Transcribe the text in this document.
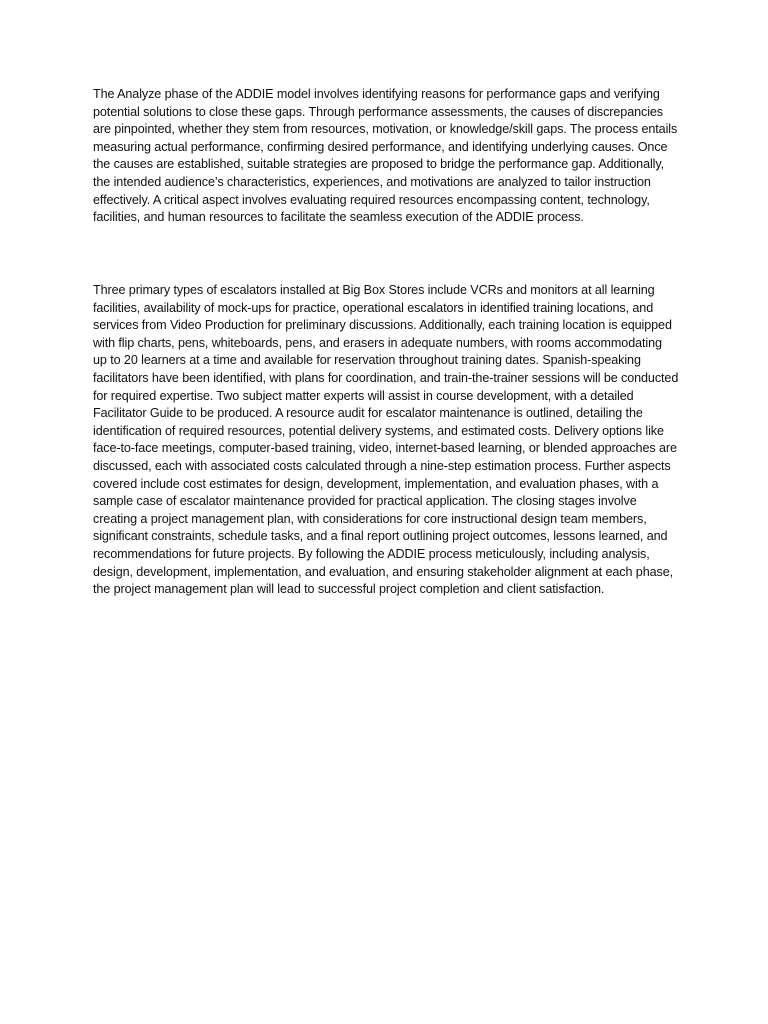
The Analyze phase of the ADDIE model involves identifying reasons for performance gaps and verifying potential solutions to close these gaps. Through performance assessments, the causes of discrepancies are pinpointed, whether they stem from resources, motivation, or knowledge/skill gaps. The process entails measuring actual performance, confirming desired performance, and identifying underlying causes. Once the causes are established, suitable strategies are proposed to bridge the performance gap. Additionally, the intended audience’s characteristics, experiences, and motivations are analyzed to tailor instruction effectively. A critical aspect involves evaluating required resources encompassing content, technology, facilities, and human resources to facilitate the seamless execution of the ADDIE process.

Three primary types of escalators installed at Big Box Stores include VCRs and monitors at all learning facilities, availability of mock-ups for practice, operational escalators in identified training locations, and services from Video Production for preliminary discussions. Additionally, each training location is equipped with flip charts, pens, whiteboards, pens, and erasers in adequate numbers, with rooms accommodating up to 20 learners at a time and available for reservation throughout training dates. Spanish-speaking facilitators have been identified, with plans for coordination, and train-the-trainer sessions will be conducted for required expertise. Two subject matter experts will assist in course development, with a detailed Facilitator Guide to be produced. A resource audit for escalator maintenance is outlined, detailing the identification of required resources, potential delivery systems, and estimated costs. Delivery options like face-to-face meetings, computer-based training, video, internet-based learning, or blended approaches are discussed, each with associated costs calculated through a nine-step estimation process. Further aspects covered include cost estimates for design, development, implementation, and evaluation phases, with a sample case of escalator maintenance provided for practical application. The closing stages involve creating a project management plan, with considerations for core instructional design team members, significant constraints, schedule tasks, and a final report outlining project outcomes, lessons learned, and recommendations for future projects. By following the ADDIE process meticulously, including analysis, design, development, implementation, and evaluation, and ensuring stakeholder alignment at each phase, the project management plan will lead to successful project completion and client satisfaction.
